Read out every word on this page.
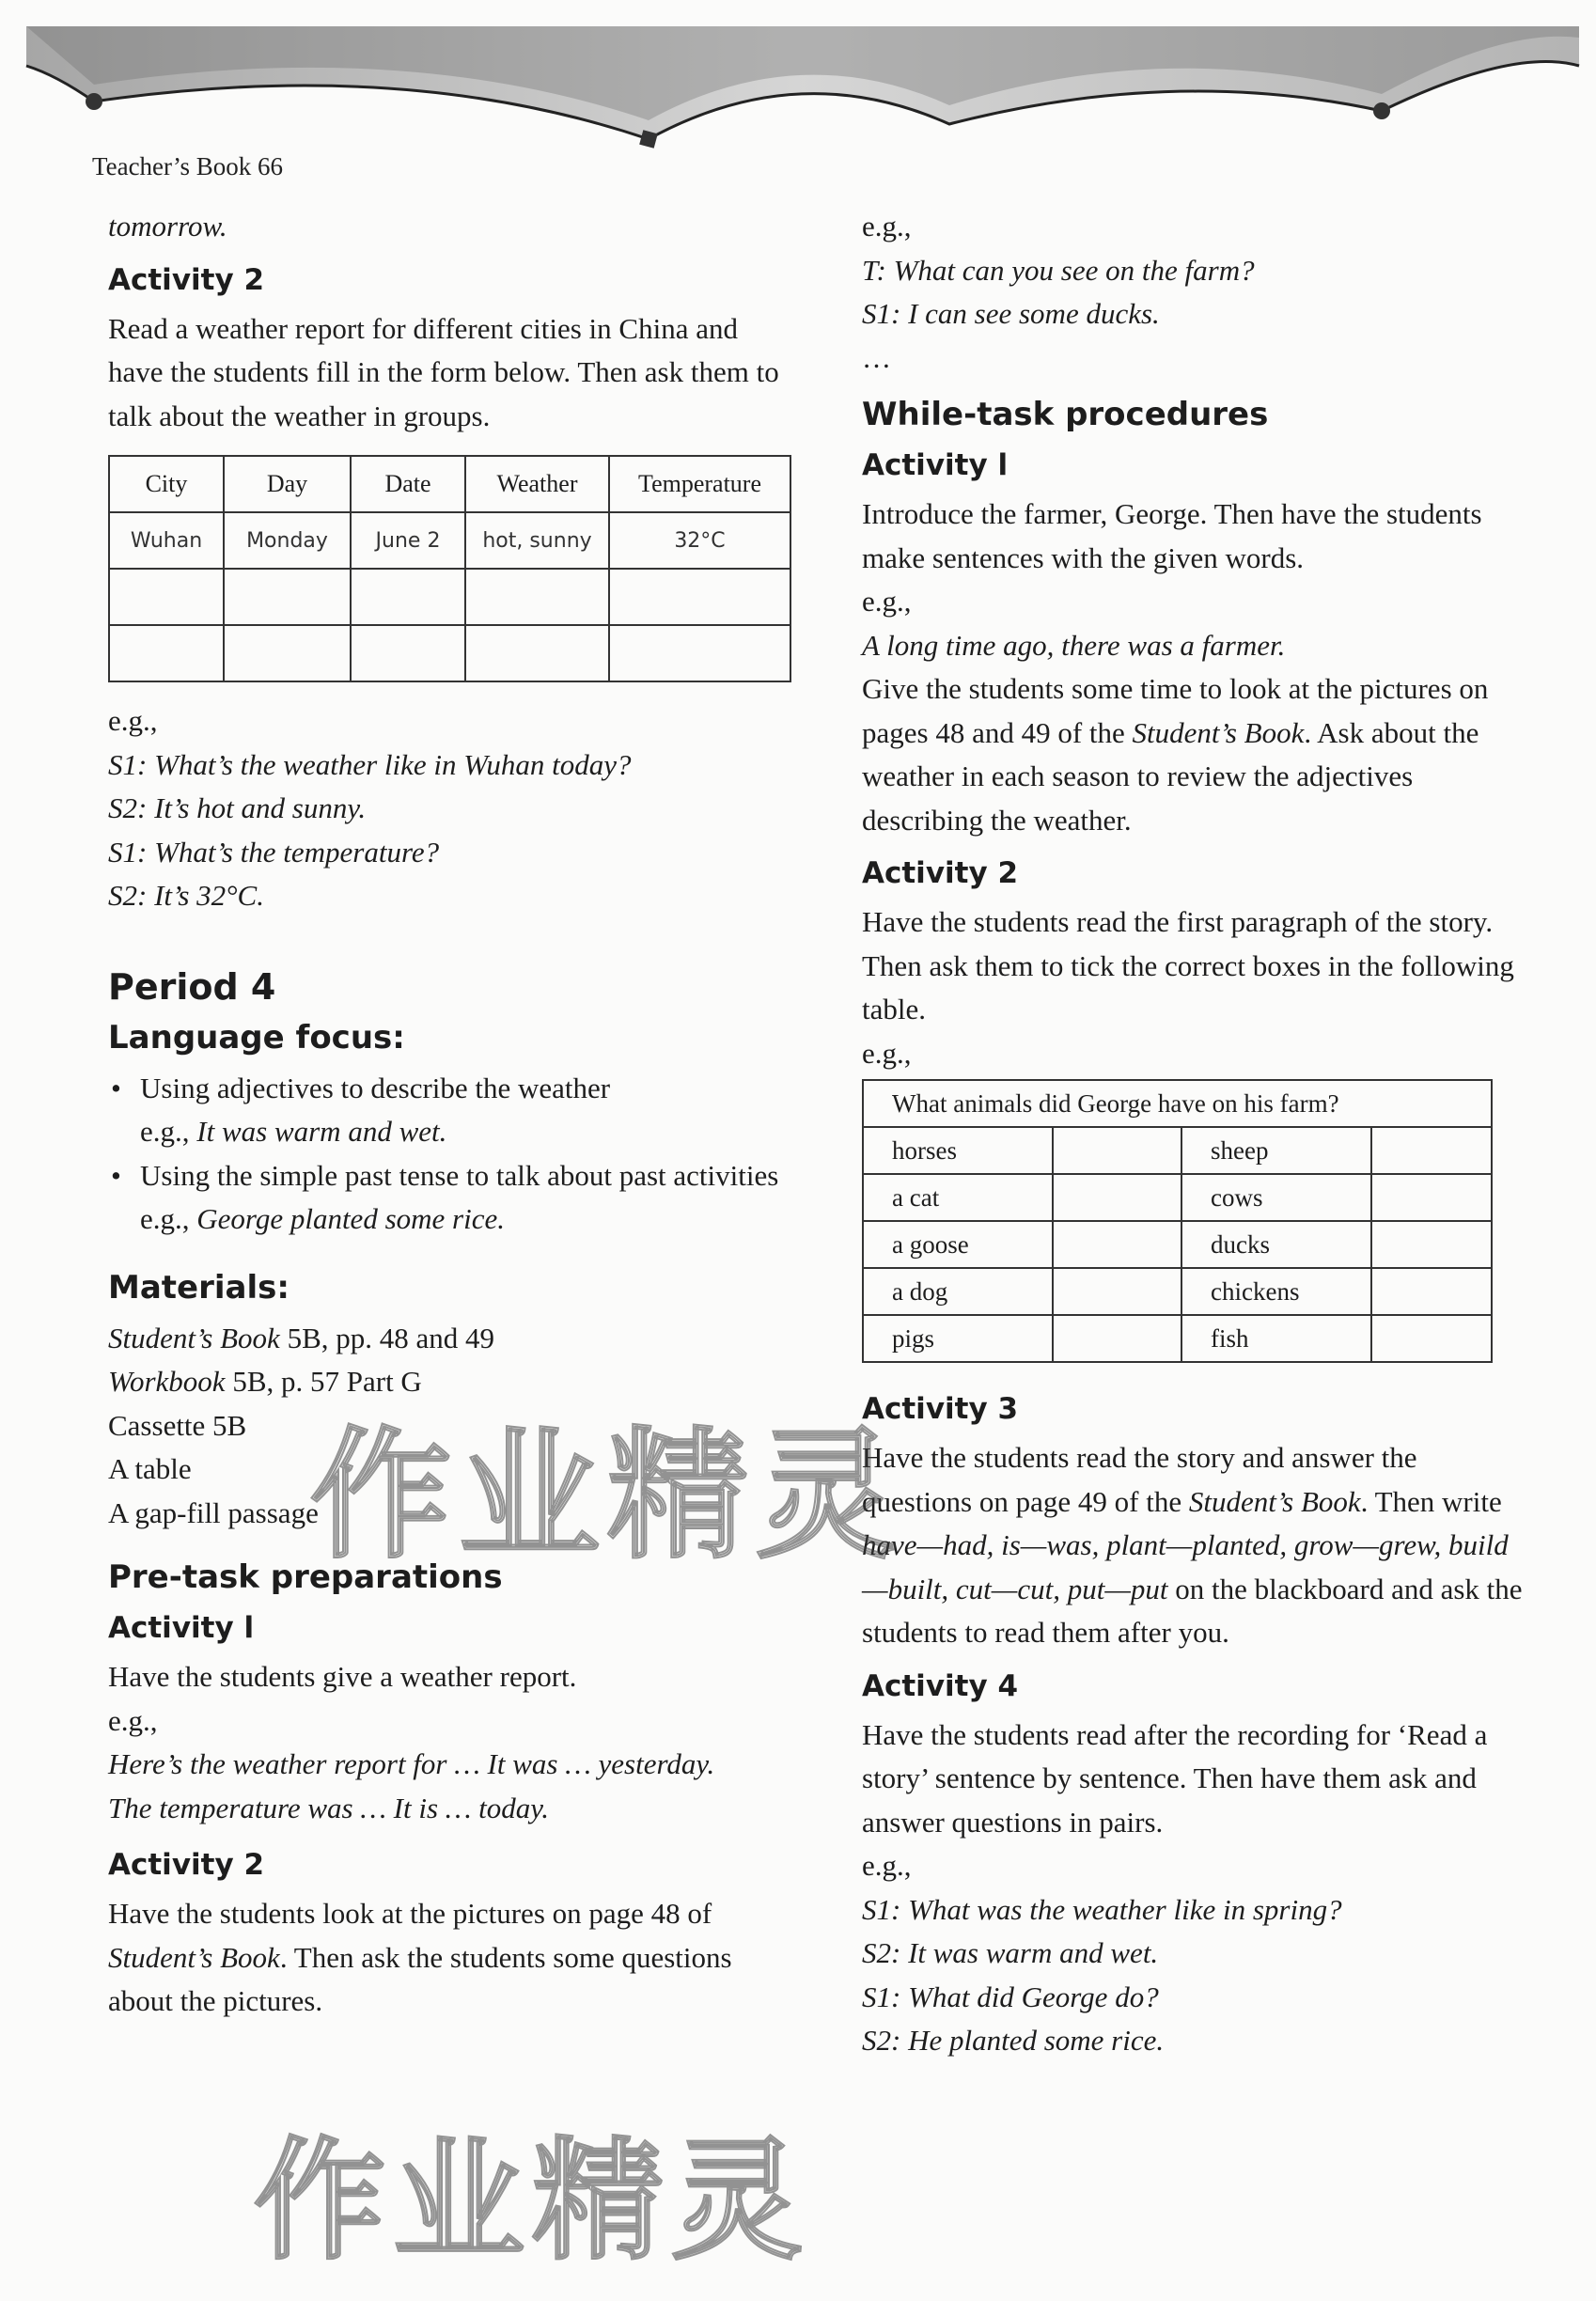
Teacher’s Book 66

tomorrow.

Activity 2

Read a weather report for different cities in China and have the students fill in the form below. Then ask them to talk about the weather in groups.

City	Day	Date	Weather	Temperature
Wuhan	Monday	June 2	hot, sunny	32°C

e.g.,

S1: What’s the weather like in Wuhan today?

S2: It’s hot and sunny.

S1: What’s the temperature?

S2: It’s 32°C.

Period 4
Language focus:
• Using adjectives to describe the weather
e.g., It was warm and wet.
• Using the simple past tense to talk about past activities
e.g., George planted some rice.
Materials:

Student’s Book 5B, pp. 48 and 49

Workbook 5B, p. 57 Part G

Cassette 5B

A table

A gap-fill passage

Pre-task preparations
Activity l

Have the students give a weather report.

e.g.,

Here’s the weather report for … It was … yesterday.

The temperature was … It is … today.

Activity 2

Have the students look at the pictures on page 48 of Student’s Book. Then ask the students some questions about the pictures.

e.g.,

T: What can you see on the farm?

S1: I can see some ducks.

…

While-task procedures
Activity l

Introduce the farmer, George. Then have the students make sentences with the given words.

e.g.,

A long time ago, there was a farmer.

Give the students some time to look at the pictures on pages 48 and 49 of the Student’s Book. Ask about the weather in each season to review the adjectives describing the weather.

Activity 2

Have the students read the first paragraph of the story. Then ask them to tick the correct boxes in the following table.

e.g.,

What animals did George have on his farm?			
horses		sheep	
a cat		cows	
a goose		ducks	
a dog		chickens	
pigs		fish	
Activity 3

Have the students read the story and answer the questions on page 49 of the Student’s Book. Then write have—had, is—was, plant—planted, grow—grew, build—built, cut—cut, put—put on the blackboard and ask the students to read them after you.

Activity 4

Have the students read after the recording for ‘Read a story’ sentence by sentence. Then have them ask and answer questions in pairs.

e.g.,

S1: What was the weather like in spring?

S2: It was warm and wet.

S1: What did George do?

S2: He planted some rice.

作业精灵
作业精灵
